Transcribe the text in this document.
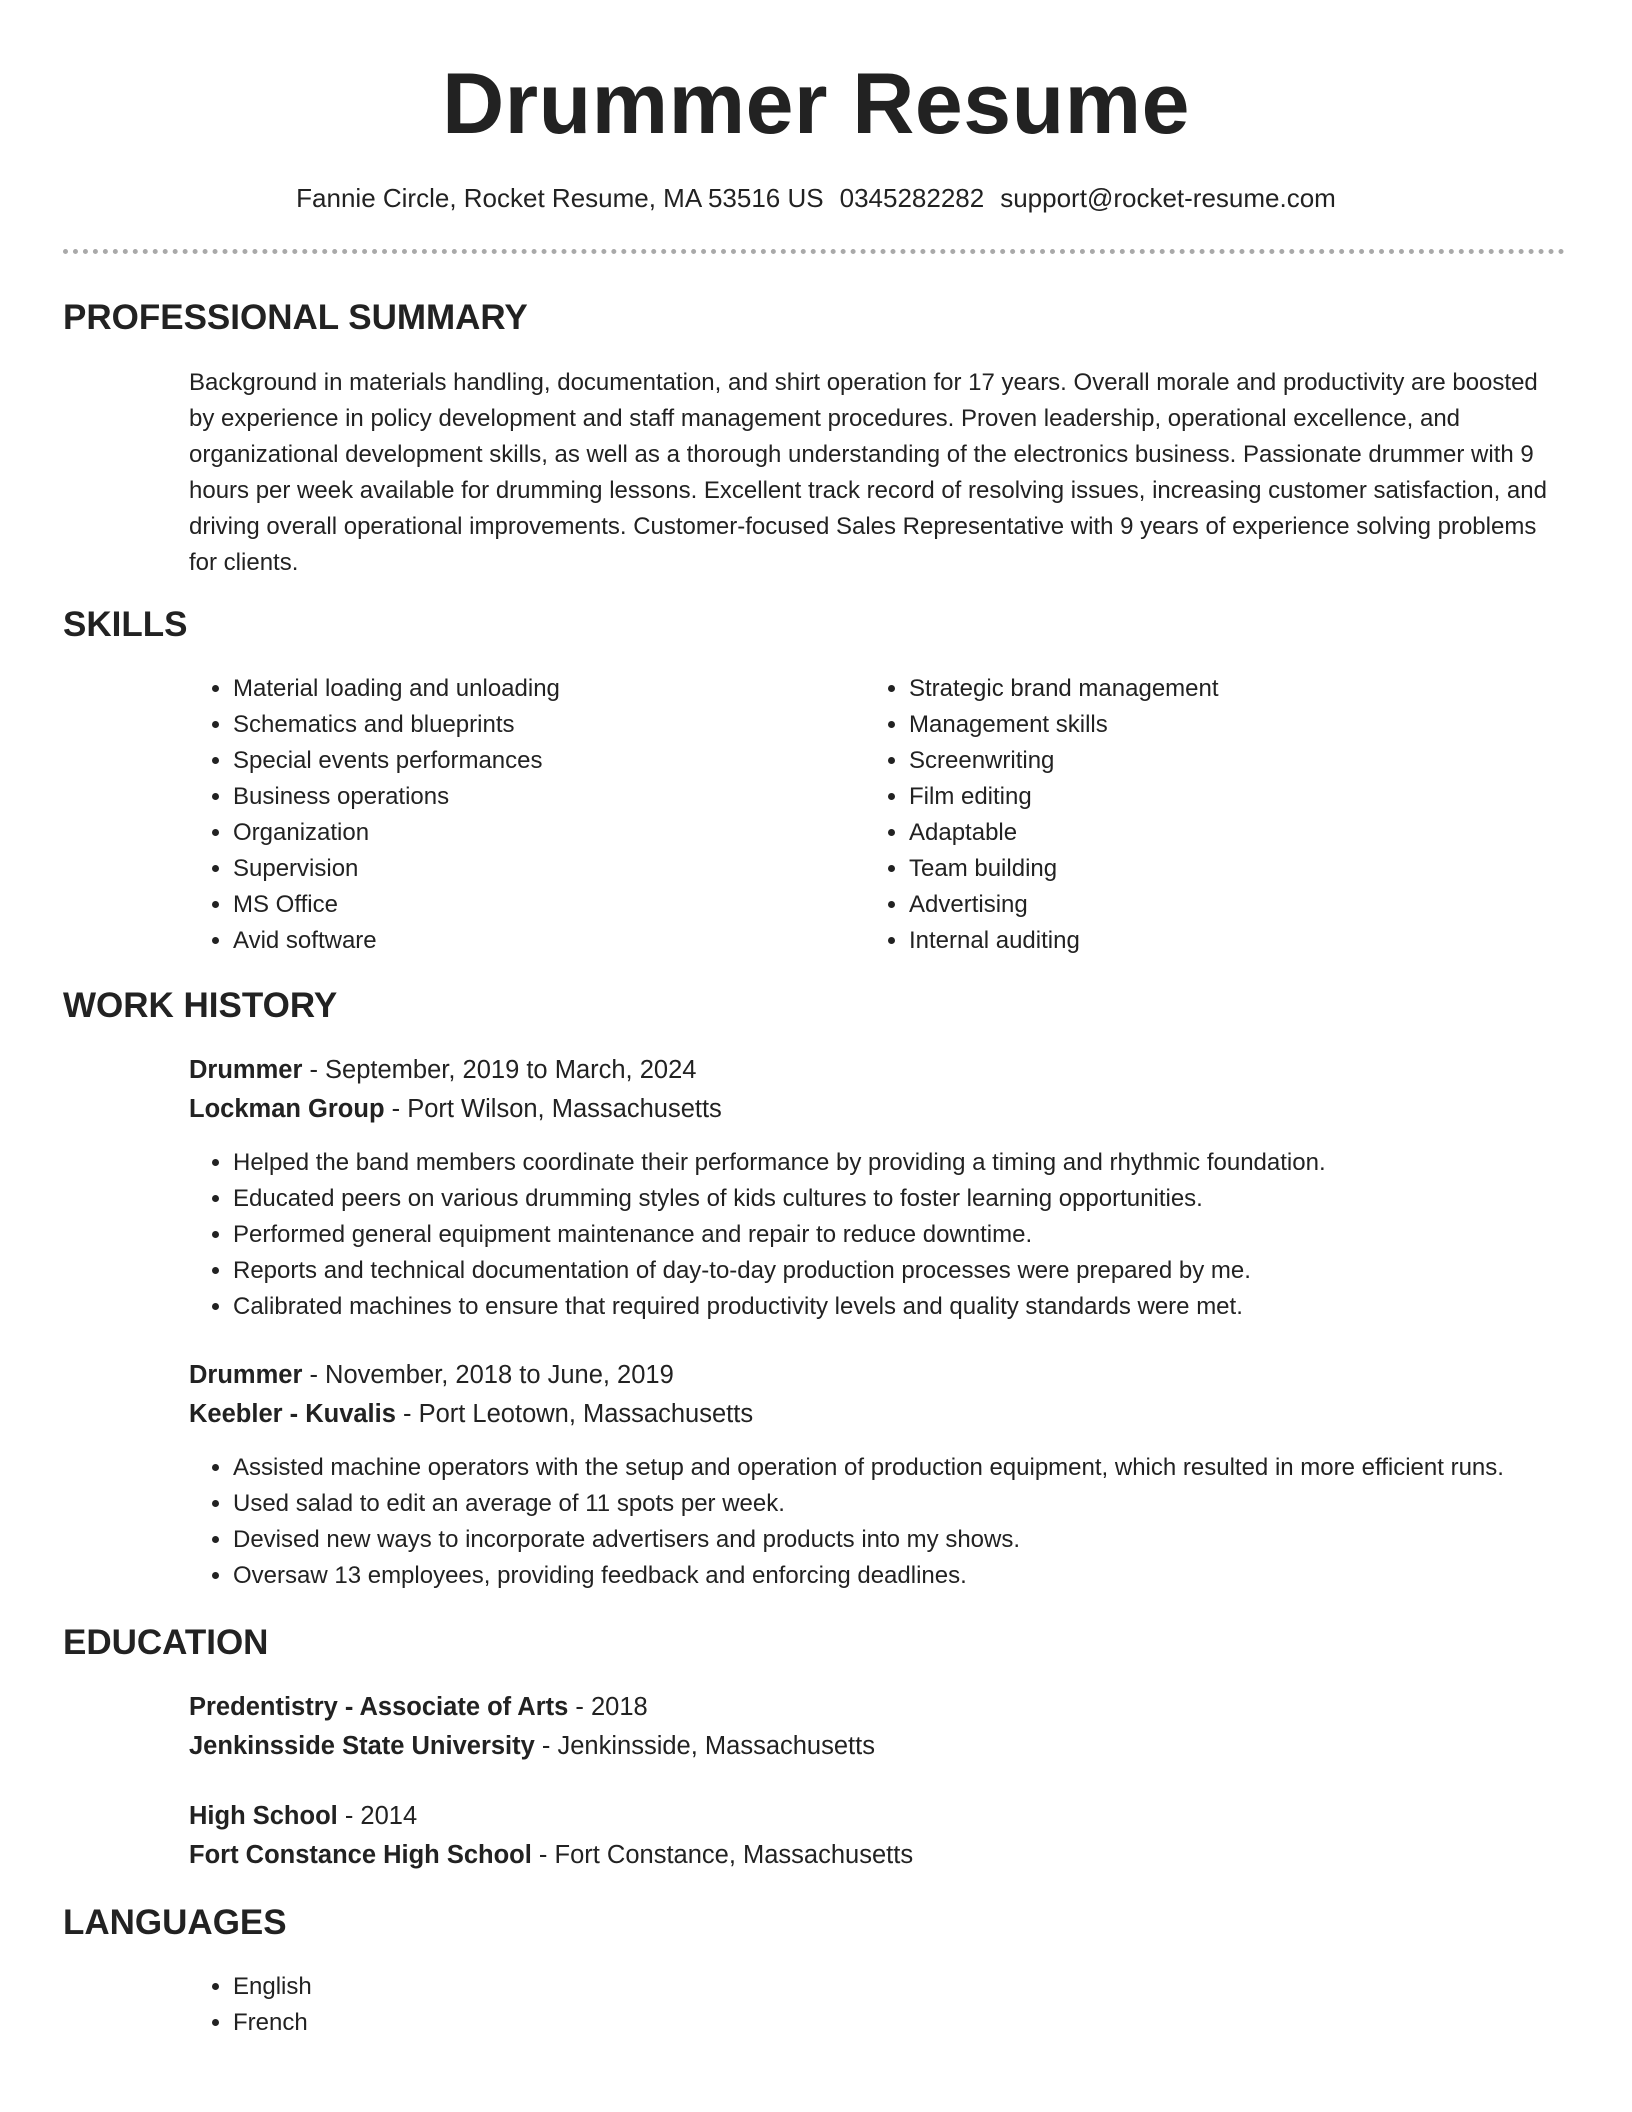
Drummer Resume
Fannie Circle, Rocket Resume, MA 53516 US 0345282282 support@rocket-resume.com
PROFESSIONAL SUMMARY

Background in materials handling, documentation, and shirt operation for 17 years. Overall morale and productivity are boosted by experience in policy development and staff management procedures. Proven leadership, operational excellence, and organizational development skills, as well as a thorough understanding of the electronics business. Passionate drummer with 9 hours per week available for drumming lessons. Excellent track record of resolving issues, increasing customer satisfaction, and driving overall operational improvements. Customer-focused Sales Representative with 9 years of experience solving problems for clients.

SKILLS
• Material loading and unloading
• Schematics and blueprints
• Special events performances
• Business operations
• Organization
• Supervision
• MS Office
• Avid software
• Strategic brand management
• Management skills
• Screenwriting
• Film editing
• Adaptable
• Team building
• Advertising
• Internal auditing
WORK HISTORY
Drummer - September, 2019 to March, 2024
Lockman Group - Port Wilson, Massachusetts
• Helped the band members coordinate their performance by providing a timing and rhythmic foundation.
• Educated peers on various drumming styles of kids cultures to foster learning opportunities.
• Performed general equipment maintenance and repair to reduce downtime.
• Reports and technical documentation of day-to-day production processes were prepared by me.
• Calibrated machines to ensure that required productivity levels and quality standards were met.
Drummer - November, 2018 to June, 2019
Keebler - Kuvalis - Port Leotown, Massachusetts
• Assisted machine operators with the setup and operation of production equipment, which resulted in more efficient runs.
• Used salad to edit an average of 11 spots per week.
• Devised new ways to incorporate advertisers and products into my shows.
• Oversaw 13 employees, providing feedback and enforcing deadlines.
EDUCATION
Predentistry - Associate of Arts - 2018
Jenkinsside State University - Jenkinsside, Massachusetts
High School - 2014
Fort Constance High School - Fort Constance, Massachusetts
LANGUAGES
• English
• French
